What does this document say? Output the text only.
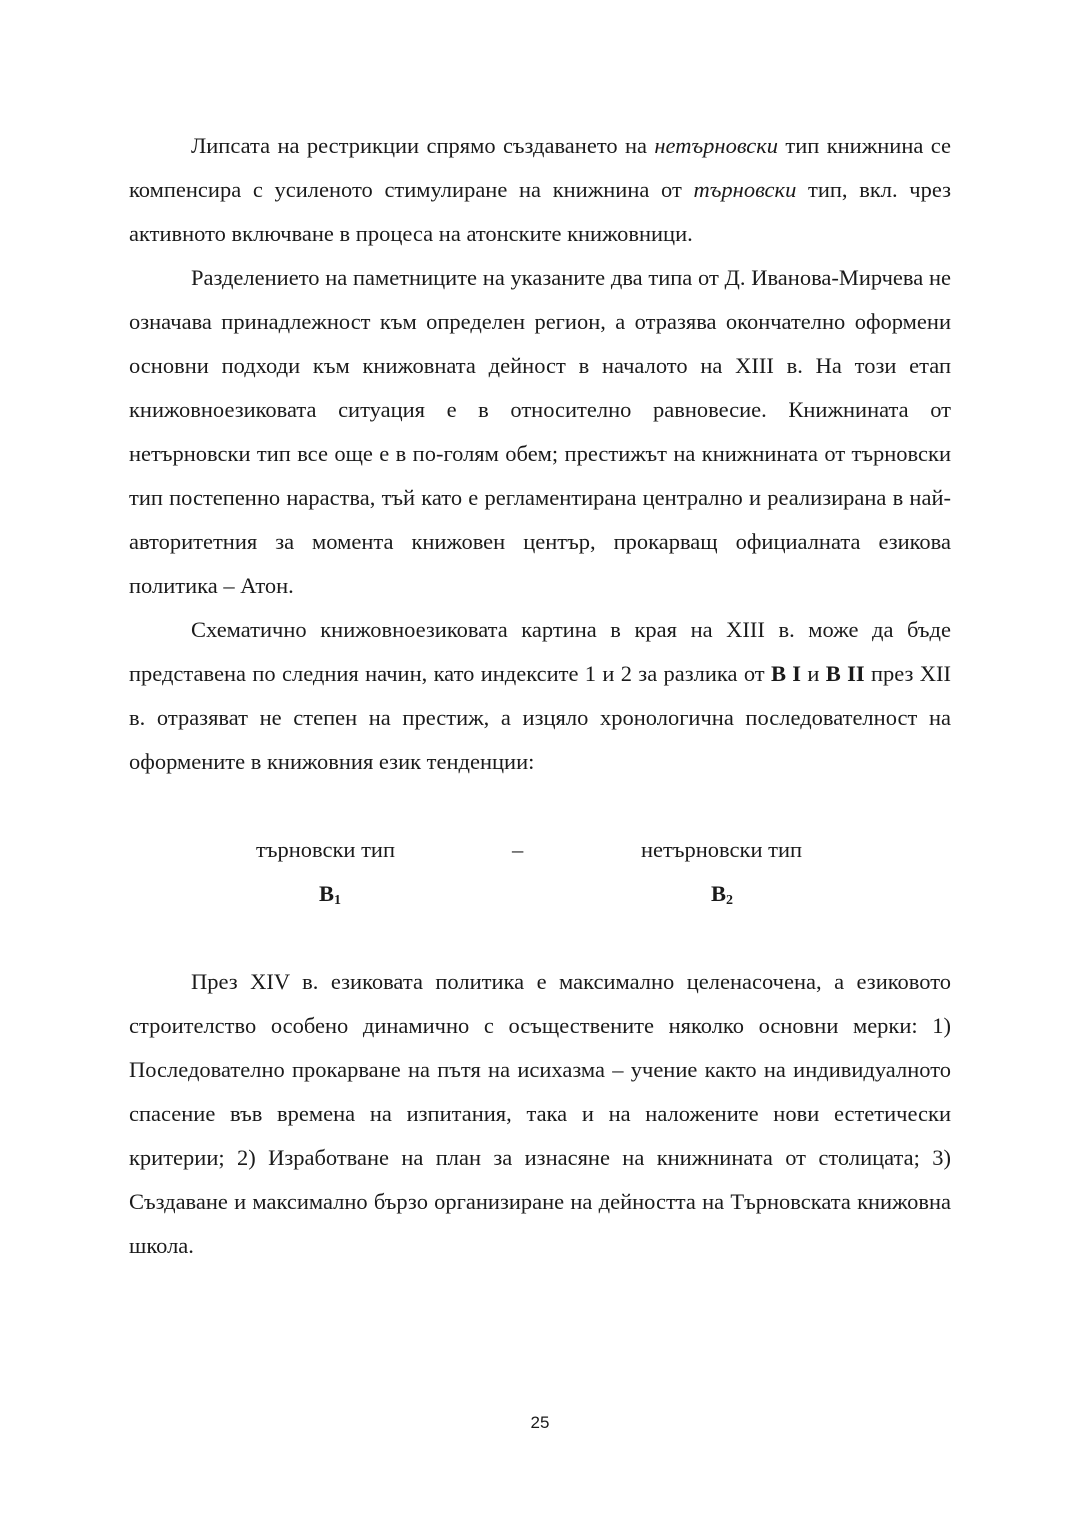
Липсата на рестрикции спрямо създаването на нетърновски тип книжнина се компенсира с усиленото стимулиране на книжнина от търновски тип, вкл. чрез активното включване в процеса на атонските книжовници.

Разделението на паметниците на указаните два типа от Д. Иванова-Мирчева не означава принадлежност към определен регион, а отразява окончателно оформени основни подходи към книжовната дейност в началото на XIII в. На този етап книжовноезиковата ситуация е в относително равновесие. Книжнината от нетърновски тип все още е в по-голям обем; престижът на книжнината от търновски тип постепенно нараства, тъй като е регламентирана централно и реализирана в най-авторитетния за момента книжовен център, прокарващ официалната езикова политика – Атон.

Схематично книжовноезиковата картина в края на XIII в. може да бъде представена по следния начин, като индексите 1 и 2 за разлика от B I и B II през XII в. отразяват не степен на престиж, а изцяло хронологична последователност на оформените в книжовния език тенденции:

търновски тип	–	нетърновски тип
$B_1$	$B_2$

През XIV в. езиковата политика е максимално целенасочена, а езиковото строителство особено динамично с осъществените няколко основни мерки: 1) Последователно прокарване на пътя на исихазма – учение както на индивидуалното спасение във времена на изпитания, така и на наложените нови естетически критерии; 2) Изработване на план за изнасяне на книжнината от столицата; 3) Създаване и максимално бързо организиране на дейността на Търновската книжовна школа.

25
